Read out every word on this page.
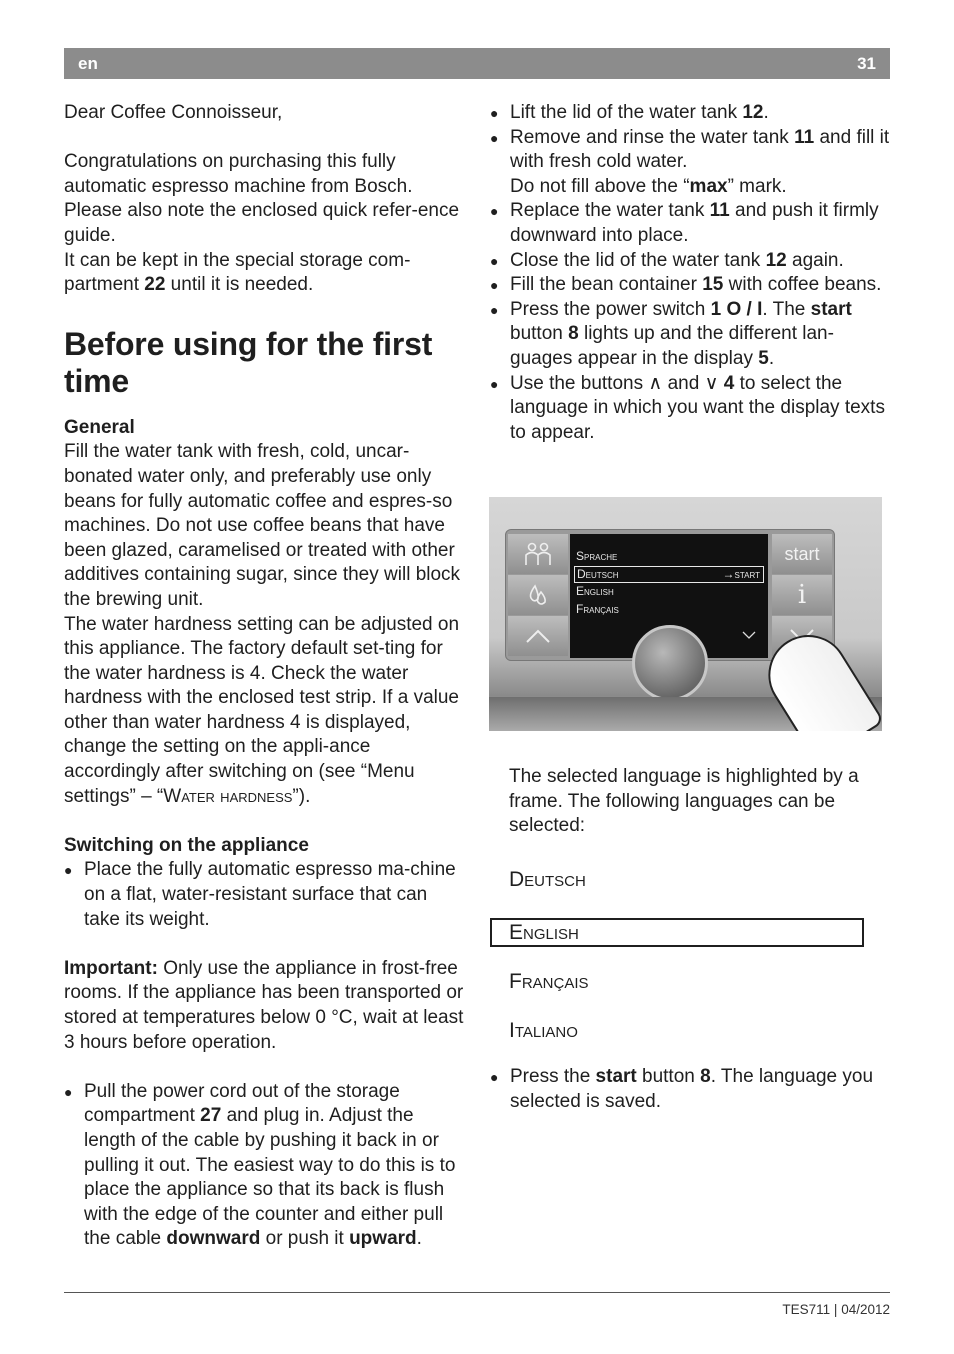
en	31

Dear Coffee Connoisseur,

Congratulations on purchasing this fully automatic espresso machine from Bosch. Please also note the enclosed quick refer-ence guide.

It can be kept in the special storage com-partment 22 until it is needed.

Before using for the first time

General

Fill the water tank with fresh, cold, uncar-bonated water only, and preferably use only beans for fully automatic coffee and espres-so machines. Do not use coffee beans that have been glazed, caramelised or treated with other additives containing sugar, since they will block the brewing unit.

The water hardness setting can be adjusted on this appliance. The factory default set-ting for the water hardness is 4. Check the water hardness with the enclosed test strip. If a value other than water hardness 4 is displayed, change the setting on the appli-ance accordingly after switching on (see “Menu settings” – “Water hardness”).

Switching on the appliance

● Place the fully automatic espresso ma-chine on a flat, water-resistant surface that can take its weight.

Important: Only use the appliance in frost-free rooms. If the appliance has been transported or stored at temperatures below 0 °C, wait at least 3 hours before operation.

● Pull the power cord out of the storage compartment 27 and plug in. Adjust the length of the cable by pushing it back in or pulling it out. The easiest way to do this is to place the appliance so that its back is flush with the edge of the counter and either pull the cable downward or push it upward.
● Lift the lid of the water tank 12.
● Remove and rinse the water tank 11 and fill it with fresh cold water.
Do not fill above the “max” mark.
● Replace the water tank 11 and push it firmly downward into place.
● Close the lid of the water tank 12 again.
● Fill the bean container 15 with coffee beans.
● Press the power switch 1 O / I. The start button 8 lights up and the different lan-guages appear in the display 5.
● Use the buttons ∧ and ∨ 4 to select the language in which you want the display texts to appear.
Sprache
Deutsch	→start
English
Français
start
i

The selected language is highlighted by a frame. The following languages can be selected:

Deutsch
English
Français
Italiano
● Press the start button 8. The language you selected is saved.
TES711 | 04/2012
